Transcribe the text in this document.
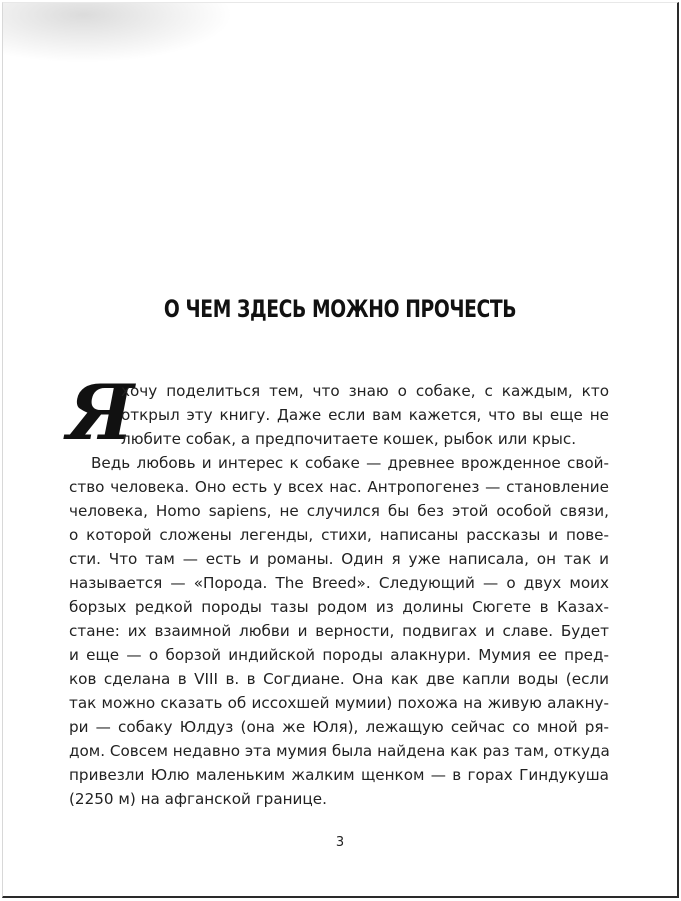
О ЧЕМ ЗДЕСЬ МОЖНО ПРОЧЕСТЬ
Я
хочу поделиться тем, что знаю о собаке, с каждым, кто
открыл эту книгу. Даже если вам кажется, что вы еще не
любите собак, а предпочитаете кошек, рыбок или крыс.
Ведь любовь и интерес к собаке — древнее врожденное свой-
ство человека. Оно есть у всех нас. Антропогенез — становление
человека, Homo sapiens, не случился бы без этой особой связи,
о которой сложены легенды, стихи, написаны рассказы и пове-
сти. Что там — есть и романы. Один я уже написала, он так и
называется — «Порода. The Breed». Следующий — о двух моих
борзых редкой породы тазы родом из долины Сюгете в Казах-
стане: их взаимной любви и верности, подвигах и славе. Будет
и еще — о борзой индийской породы алакнури. Мумия ее пред-
ков сделана в VIII в. в Согдиане. Она как две капли воды (если
так можно сказать об иссохшей мумии) похожа на живую алакну-
ри — собаку Юлдуз (она же Юля), лежащую сейчас со мной ря-
дом. Совсем недавно эта мумия была найдена как раз там, откуда
привезли Юлю маленьким жалким щенком — в горах Гиндукуша
(2250 м) на афганской границе.
3
